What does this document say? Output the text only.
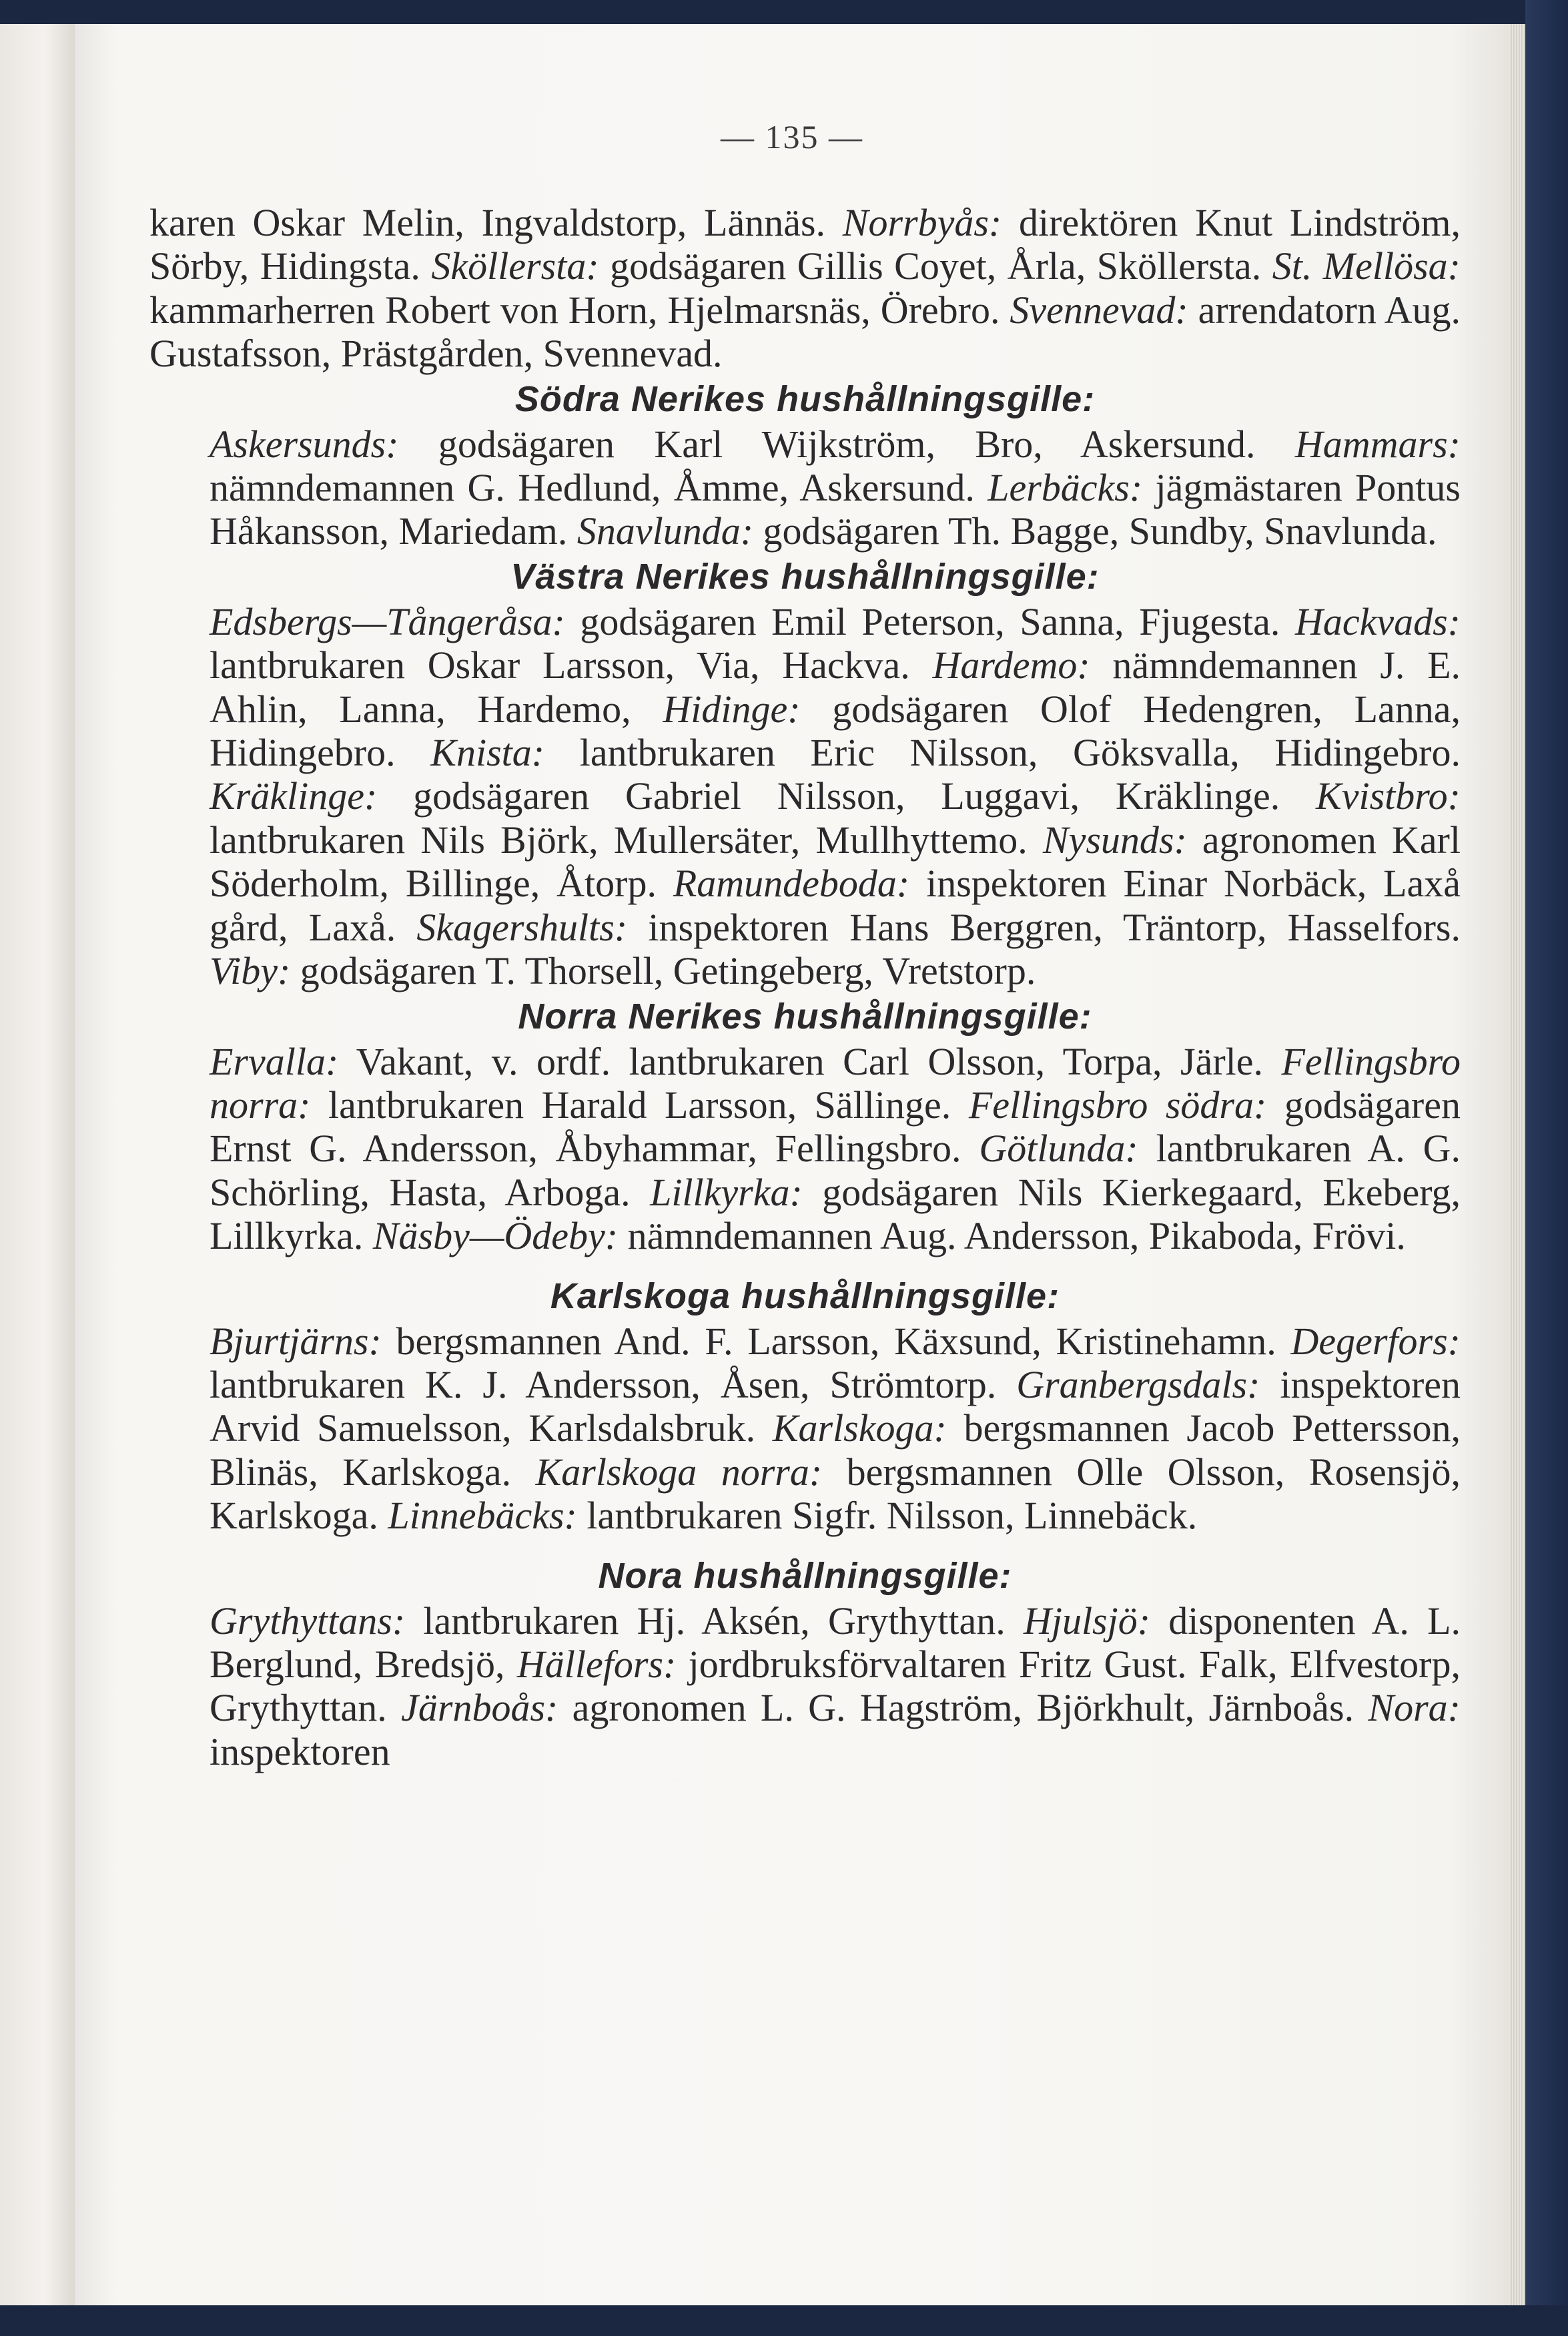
— 135 —
karen Oskar Melin, Ingvaldstorp, Lännäs. Norrbyås: direktören Knut Lindström, Sörby, Hidingsta. Sköllersta: godsägaren Gillis Coyet, Årla, Sköllersta. St. Mellösa: kammarherren Robert von Horn, Hjelmarsnäs, Örebro. Svennevad: arrendatorn Aug. Gustafsson, Prästgården, Svennevad.
Södra Nerikes hushållningsgille:
Askersunds: godsägaren Karl Wijkström, Bro, Askersund. Hammars: nämndemannen G. Hedlund, Åmme, Askersund. Lerbäcks: jägmästaren Pontus Håkansson, Mariedam. Snavlunda: godsägaren Th. Bagge, Sundby, Snavlunda.
Västra Nerikes hushållningsgille:
Edsbergs—Tångeråsa: godsägaren Emil Peterson, Sanna, Fjugesta. Hackvads: lantbrukaren Oskar Larsson, Via, Hackva. Hardemo: nämndemannen J. E. Ahlin, Lanna, Hardemo, Hidinge: godsägaren Olof Hedengren, Lanna, Hidingebro. Knista: lantbrukaren Eric Nilsson, Göksvalla, Hidingebro. Kräklinge: godsägaren Gabriel Nilsson, Luggavi, Kräklinge. Kvistbro: lantbrukaren Nils Björk, Mullersäter, Mullhyttemo. Nysunds: agronomen Karl Söderholm, Billinge, Åtorp. Ramundeboda: inspektoren Einar Norbäck, Laxå gård, Laxå. Skagershults: inspektoren Hans Berggren, Träntorp, Hasselfors. Viby: godsägaren T. Thorsell, Getingeberg, Vretstorp.
Norra Nerikes hushållningsgille:
Ervalla: Vakant, v. ordf. lantbrukaren Carl Olsson, Torpa, Järle. Fellingsbro norra: lantbrukaren Harald Larsson, Sällinge. Fellingsbro södra: godsägaren Ernst G. Andersson, Åbyhammar, Fellingsbro. Götlunda: lantbrukaren A. G. Schörling, Hasta, Arboga. Lillkyrka: godsägaren Nils Kierkegaard, Ekeberg, Lillkyrka. Näsby—Ödeby: nämndemannen Aug. Andersson, Pikaboda, Frövi.
Karlskoga hushållningsgille:
Bjurtjärns: bergsmannen And. F. Larsson, Käxsund, Kristinehamn. Degerfors: lantbrukaren K. J. Andersson, Åsen, Strömtorp. Granbergsdals: inspektoren Arvid Samuelsson, Karlsdalsbruk. Karlskoga: bergsmannen Jacob Pettersson, Blinäs, Karlskoga. Karlskoga norra: bergsmannen Olle Olsson, Rosensjö, Karlskoga. Linnebäcks: lantbrukaren Sigfr. Nilsson, Linnebäck.
Nora hushållningsgille:
Grythyttans: lantbrukaren Hj. Aksén, Grythyttan. Hjulsjö: disponenten A. L. Berglund, Bredsjö, Hällefors: jordbruksförvaltaren Fritz Gust. Falk, Elfvestorp, Grythyttan. Järnboås: agronomen L. G. Hagström, Björkhult, Järnboås. Nora: inspektoren
